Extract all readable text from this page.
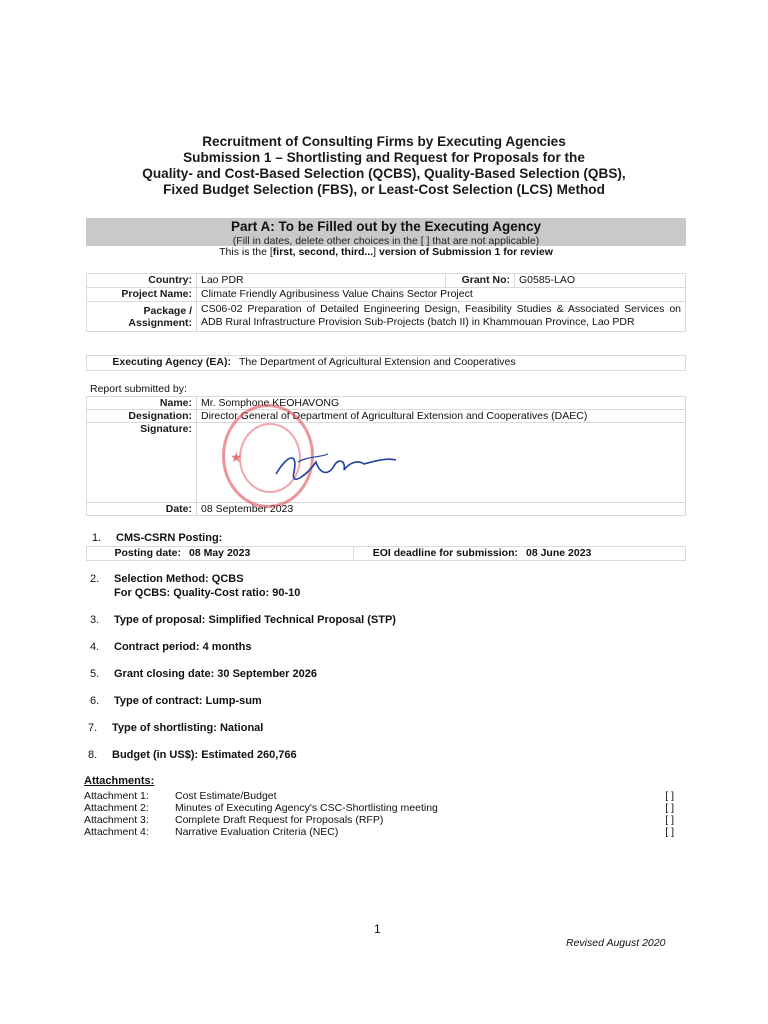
Recruitment of Consulting Firms by Executing Agencies
Submission 1 – Shortlisting and Request for Proposals for the
Quality- and Cost-Based Selection (QCBS), Quality-Based Selection (QBS),
Fixed Budget Selection (FBS), or Least-Cost Selection (LCS) Method
Part A: To be Filled out by the Executing Agency
(Fill in dates, delete other choices in the [ ] that are not applicable)
This is the [first, second, third...] version of Submission 1 for review
Country:	Lao PDR	Grant No:	G0585-LAO
Project Name:	Climate Friendly Agribusiness Value Chains Sector Project		

Package /
Assignment:	CS06-02 Preparation of Detailed Engineering Design, Feasibility Studies & Associated Services on ADB Rural Infrastructure Provision Sub-Projects (batch II) in Khammouan Province, Lao PDR		
Executing Agency (EA):	The Department of Agricultural Extension and Cooperatives
Report submitted by:
Name:	Mr. Somphone KEOHAVONG
Designation:	Director General of Department of Agricultural Extension and Cooperatives (DAEC)
Signature:	
Date:	08 September 2023
★
1. CMS-CSRN Posting:
Posting date:	08 May 2023	EOI deadline for submission:	08 June 2023
2. Selection Method: QCBS
For QCBS: Quality-Cost ratio: 90-10
3. Type of proposal: Simplified Technical Proposal (STP)
4. Contract period: 4 months
5. Grant closing date: 30 September 2026
6. Type of contract: Lump-sum
7. Type of shortlisting: National
8. Budget (in US$): Estimated 260,766
Attachments:
Attachment 1:	Cost Estimate/Budget	[ ]
Attachment 2:	Minutes of Executing Agency's CSC-Shortlisting meeting	[ ]
Attachment 3:	Complete Draft Request for Proposals (RFP)	[ ]
Attachment 4:	Narrative Evaluation Criteria (NEC)	[ ]
1
Revised August 2020
